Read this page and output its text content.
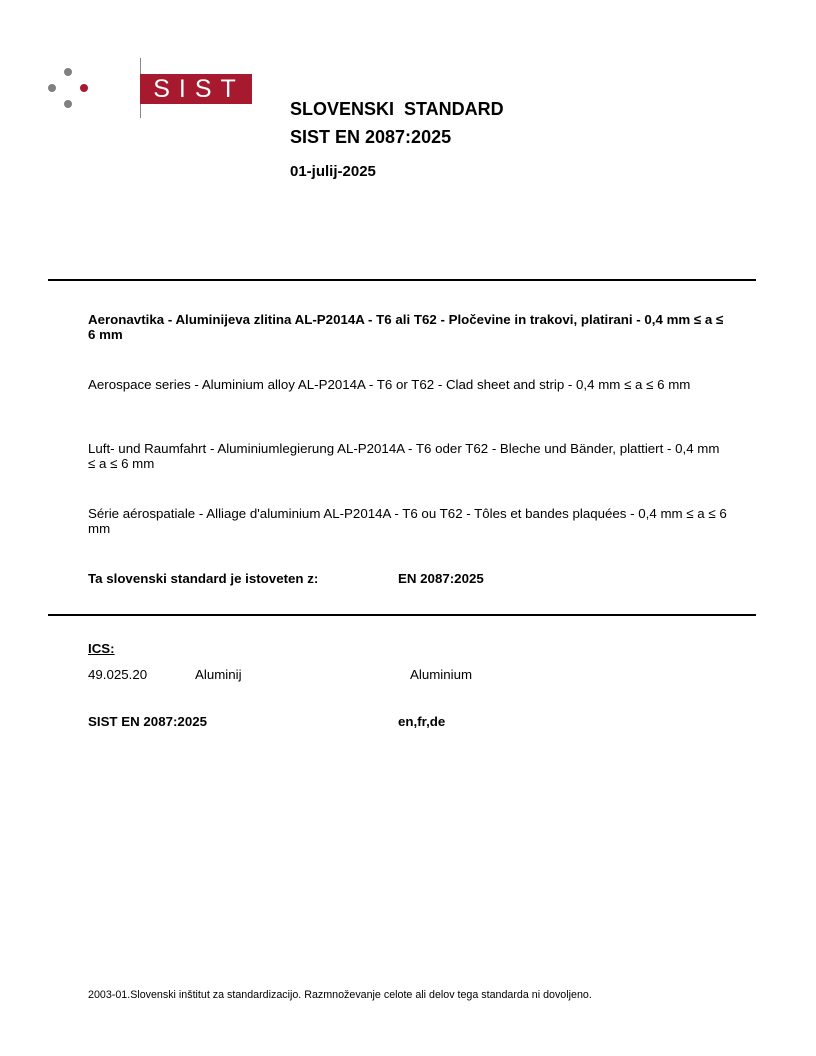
SIST
SLOVENSKI  STANDARD
SIST EN 2087:2025
01-julij-2025
Aeronavtika - Aluminijeva zlitina AL-P2014A - T6 ali T62 - Pločevine in trakovi, platirani - 0,4 mm ≤ a ≤ 6 mm
Aerospace series - Aluminium alloy AL-P2014A - T6 or T62 - Clad sheet and strip - 0,4 mm ≤ a ≤ 6 mm
Luft- und Raumfahrt - Aluminiumlegierung AL-P2014A - T6 oder T62 - Bleche und Bänder, plattiert - 0,4 mm ≤ a ≤ 6 mm
Série aérospatiale - Alliage d'aluminium AL-P2014A - T6 ou T62 - Tôles et bandes plaquées - 0,4 mm ≤ a ≤ 6 mm
Ta slovenski standard je istoveten z:	EN 2087:2025
ICS:
49.025.20	Aluminij	Aluminium
SIST EN 2087:2025	en,fr,de
2003-01.Slovenski inštitut za standardizacijo. Razmnoževanje celote ali delov tega standarda ni dovoljeno.
